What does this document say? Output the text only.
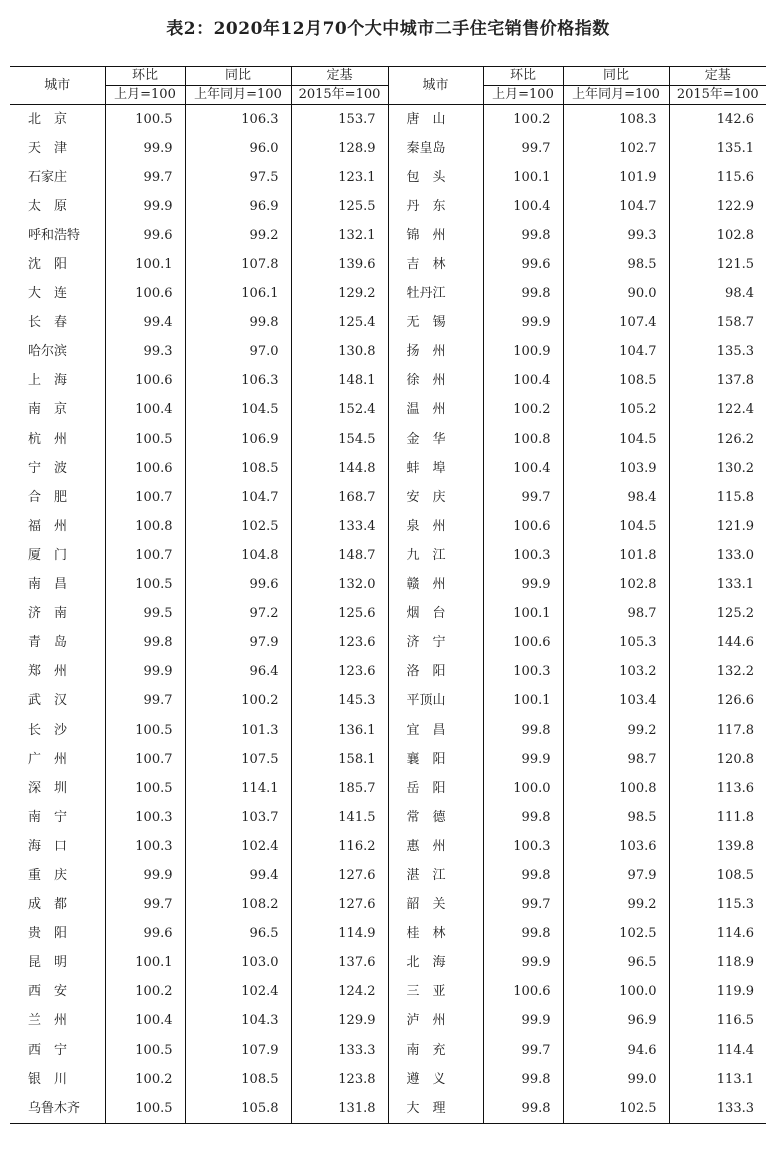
表2：2020年12月70个大中城市二手住宅销售价格指数
城市	环比	同比	定基	城市	环比	同比	定基
	上月=100	上年同月=100	2015年=100		上月=100	上年同月=100	2015年=100
北　京	100.5	106.3	153.7	唐　山	100.2	108.3	142.6
天　津	99.9	96.0	128.9	秦皇岛	99.7	102.7	135.1
石家庄	99.7	97.5	123.1	包　头	100.1	101.9	115.6
太　原	99.9	96.9	125.5	丹　东	100.4	104.7	122.9
呼和浩特	99.6	99.2	132.1	锦　州	99.8	99.3	102.8
沈　阳	100.1	107.8	139.6	吉　林	99.6	98.5	121.5
大　连	100.6	106.1	129.2	牡丹江	99.8	90.0	98.4
长　春	99.4	99.8	125.4	无　锡	99.9	107.4	158.7
哈尔滨	99.3	97.0	130.8	扬　州	100.9	104.7	135.3
上　海	100.6	106.3	148.1	徐　州	100.4	108.5	137.8
南　京	100.4	104.5	152.4	温　州	100.2	105.2	122.4
杭　州	100.5	106.9	154.5	金　华	100.8	104.5	126.2
宁　波	100.6	108.5	144.8	蚌　埠	100.4	103.9	130.2
合　肥	100.7	104.7	168.7	安　庆	99.7	98.4	115.8
福　州	100.8	102.5	133.4	泉　州	100.6	104.5	121.9
厦　门	100.7	104.8	148.7	九　江	100.3	101.8	133.0
南　昌	100.5	99.6	132.0	赣　州	99.9	102.8	133.1
济　南	99.5	97.2	125.6	烟　台	100.1	98.7	125.2
青　岛	99.8	97.9	123.6	济　宁	100.6	105.3	144.6
郑　州	99.9	96.4	123.6	洛　阳	100.3	103.2	132.2
武　汉	99.7	100.2	145.3	平顶山	100.1	103.4	126.6
长　沙	100.5	101.3	136.1	宜　昌	99.8	99.2	117.8
广　州	100.7	107.5	158.1	襄　阳	99.9	98.7	120.8
深　圳	100.5	114.1	185.7	岳　阳	100.0	100.8	113.6
南　宁	100.3	103.7	141.5	常　德	99.8	98.5	111.8
海　口	100.3	102.4	116.2	惠　州	100.3	103.6	139.8
重　庆	99.9	99.4	127.6	湛　江	99.8	97.9	108.5
成　都	99.7	108.2	127.6	韶　关	99.7	99.2	115.3
贵　阳	99.6	96.5	114.9	桂　林	99.8	102.5	114.6
昆　明	100.1	103.0	137.6	北　海	99.9	96.5	118.9
西　安	100.2	102.4	124.2	三　亚	100.6	100.0	119.9
兰　州	100.4	104.3	129.9	泸　州	99.9	96.9	116.5
西　宁	100.5	107.9	133.3	南　充	99.7	94.6	114.4
银　川	100.2	108.5	123.8	遵　义	99.8	99.0	113.1
乌鲁木齐	100.5	105.8	131.8	大　理	99.8	102.5	133.3
